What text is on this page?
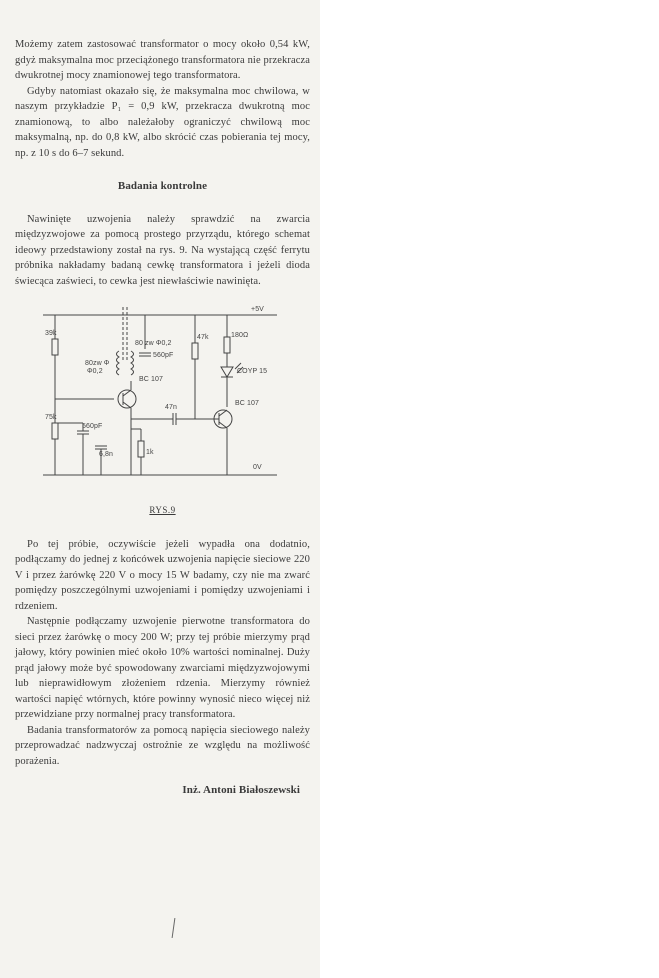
Możemy zatem zastosować transformator o mocy około 0,54 kW, gdyż maksymalna moc przeciążonego transformatora nie przekracza dwukrotnej mocy znamionowej tego transformatora.

Gdyby natomiast okazało się, że maksymalna moc chwilowa, w naszym przykładzie P₁ = 0,9 kW, przekracza dwukrotną moc znamionową, to albo należałoby ograniczyć chwilową moc maksymalną, np. do 0,8 kW, albo skrócić czas pobierania tej mocy, np. z 10 s do 6–7 sekund.

Badania kontrolne

Nawinięte uzwojenia należy sprawdzić na zwarcia międzyzwojowe za pomocą prostego przyrządu, którego schemat ideowy przedstawiony został na rys. 9. Na wystającą część ferrytu próbnika nakładamy badaną cewkę transformatora i jeżeli dioda świecąca zaświeci, to cewka jest niewłaściwie nawinięta.

+5V
0V
39k
75k
560pF
80zw Φ
Φ0,2
80 zw Φ0,2
560pF
BC 107
6,8n	1k
47n
47k	180Ω
COYP 15
BC 107
RYS.9

Po tej próbie, oczywiście jeżeli wypadła ona dodatnio, podłączamy do jednej z końcówek uzwojenia napięcie sieciowe 220 V i przez żarówkę 220 V o mocy 15 W badamy, czy nie ma zwarć pomiędzy poszczególnymi uzwojeniami i pomiędzy uzwojeniami i rdzeniem.

Następnie podłączamy uzwojenie pierwotne transformatora do sieci przez żarówkę o mocy 200 W; przy tej próbie mierzymy prąd jałowy, który powinien mieć około 10% wartości nominalnej. Duży prąd jałowy może być spowodowany zwarciami międzyzwojowymi lub nieprawidłowym złożeniem rdzenia. Mierzymy również wartości napięć wtórnych, które powinny wynosić nieco więcej niż przewidziane przy normalnej pracy transformatora.

Badania transformatorów za pomocą napięcia sieciowego należy przeprowadzać nadzwyczaj ostrożnie ze względu na możliwość porażenia.

Inż. Antoni Białoszewski
